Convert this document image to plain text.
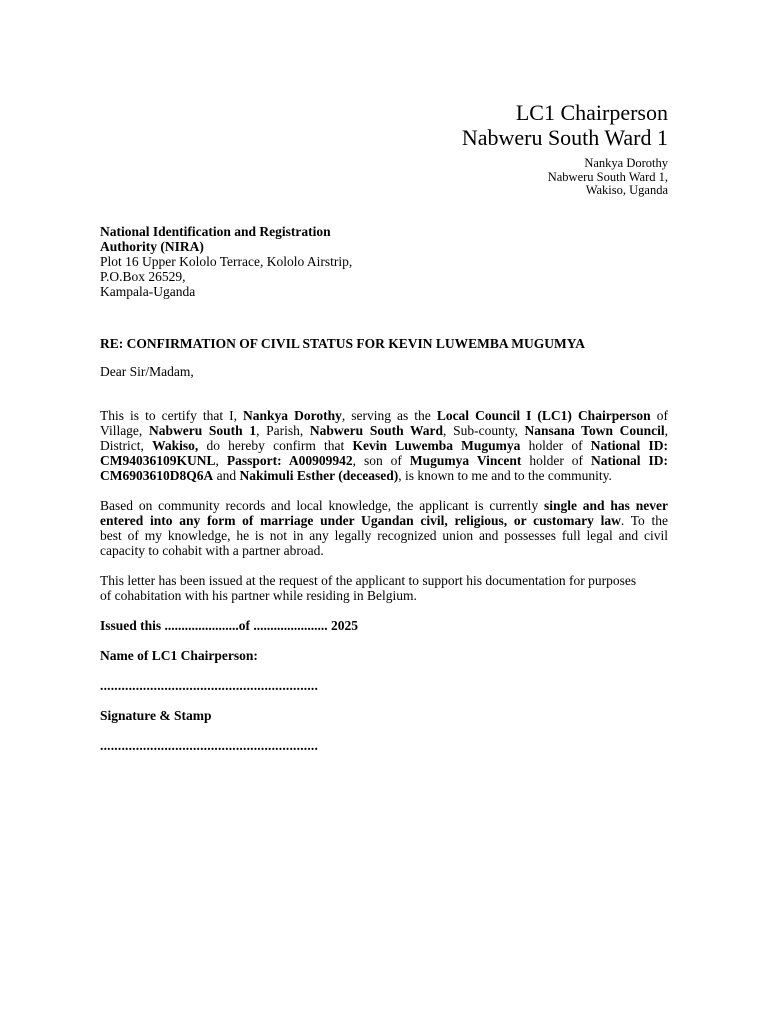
LC1 Chairperson
Nabweru South Ward 1
Nankya Dorothy
Nabweru South Ward 1,
Wakiso, Uganda
National Identification and Registration
Authority (NIRA)
Plot 16 Upper Kololo Terrace, Kololo Airstrip,
P.O.Box 26529,
Kampala-Uganda
RE: CONFIRMATION OF CIVIL STATUS FOR KEVIN LUWEMBA MUGUMYA
Dear Sir/Madam,
This is to certify that I, Nankya Dorothy, serving as the Local Council I (LC1) Chairperson of
Village, Nabweru South 1, Parish, Nabweru South Ward, Sub-county, Nansana Town Council,
District, Wakiso, do hereby confirm that Kevin Luwemba Mugumya holder of National ID:
CM94036109KUNL, Passport: A00909942, son of Mugumya Vincent holder of National ID:
CM6903610D8Q6A and Nakimuli Esther (deceased), is known to me and to the community.
Based on community records and local knowledge, the applicant is currently single and has never
entered into any form of marriage under Ugandan civil, religious, or customary law. To the
best of my knowledge, he is not in any legally recognized union and possesses full legal and civil
capacity to cohabit with a partner abroad.
This letter has been issued at the request of the applicant to support his documentation for purposes
of cohabitation with his partner while residing in Belgium.
Issued this ......................of ...................... 2025
Name of LC1 Chairperson:
.............................................................
Signature & Stamp
.............................................................
